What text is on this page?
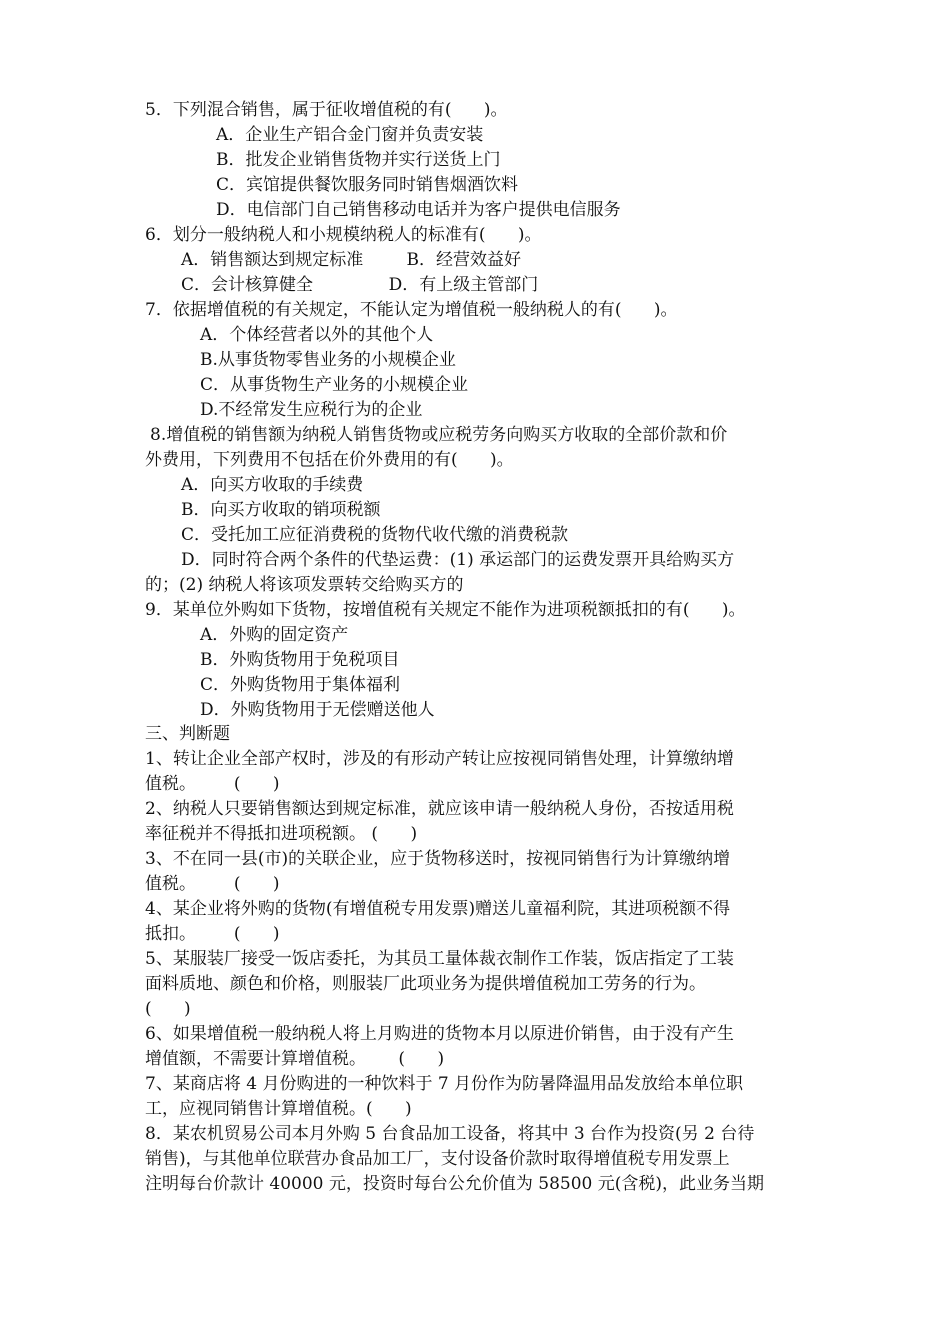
5．下列混合销售，属于征收增值税的有(      )。
A．企业生产铝合金门窗并负责安装
B．批发企业销售货物并实行送货上门
C．宾馆提供餐饮服务同时销售烟酒饮料
D．电信部门自己销售移动电话并为客户提供电信服务
6．划分一般纳税人和小规模纳税人的标准有(      )。
A．销售额达到规定标准        B．经营效益好
C．会计核算健全              D．有上级主管部门
7．依据增值税的有关规定，不能认定为增值税一般纳税人的有(      )。
A．个体经营者以外的其他个人
B.从事货物零售业务的小规模企业
C．从事货物生产业务的小规模企业
D.不经常发生应税行为的企业
8.增值税的销售额为纳税人销售货物或应税劳务向购买方收取的全部价款和价
外费用，下列费用不包括在价外费用的有(      )。
A．向买方收取的手续费
B．向买方收取的销项税额
C．受托加工应征消费税的货物代收代缴的消费税款
D．同时符合两个条件的代垫运费：(1) 承运部门的运费发票开具给购买方
的；(2) 纳税人将该项发票转交给购买方的
9．某单位外购如下货物，按增值税有关规定不能作为进项税额抵扣的有(      )。
A．外购的固定资产
B．外购货物用于免税项目
C．外购货物用于集体福利
D．外购货物用于无偿赠送他人
三、判断题
1、转让企业全部产权时，涉及的有形动产转让应按视同销售处理，计算缴纳增
值税。       (      )
2、纳税人只要销售额达到规定标准，就应该申请一般纳税人身份，否按适用税
率征税并不得抵扣进项税额。 (      )
3、不在同一县(市)的关联企业，应于货物移送时，按视同销售行为计算缴纳增
值税。       (      )
4、某企业将外购的货物(有增值税专用发票)赠送儿童福利院，其进项税额不得
抵扣。       (      )
5、某服装厂接受一饭店委托，为其员工量体裁衣制作工作装，饭店指定了工装
面料质地、颜色和价格，则服装厂此项业务为提供增值税加工劳务的行为。
(      )
6、如果增值税一般纳税人将上月购进的货物本月以原进价销售，由于没有产生
增值额，不需要计算增值税。      (      )
7、某商店将 4 月份购进的一种饮料于 7 月份作为防暑降温用品发放给本单位职
工，应视同销售计算增值税。(      )
8．某农机贸易公司本月外购 5 台食品加工设备，将其中 3 台作为投资(另 2 台待
销售)，与其他单位联营办食品加工厂，支付设备价款时取得增值税专用发票上
注明每台价款计 40000 元，投资时每台公允价值为 58500 元(含税)，此业务当期
